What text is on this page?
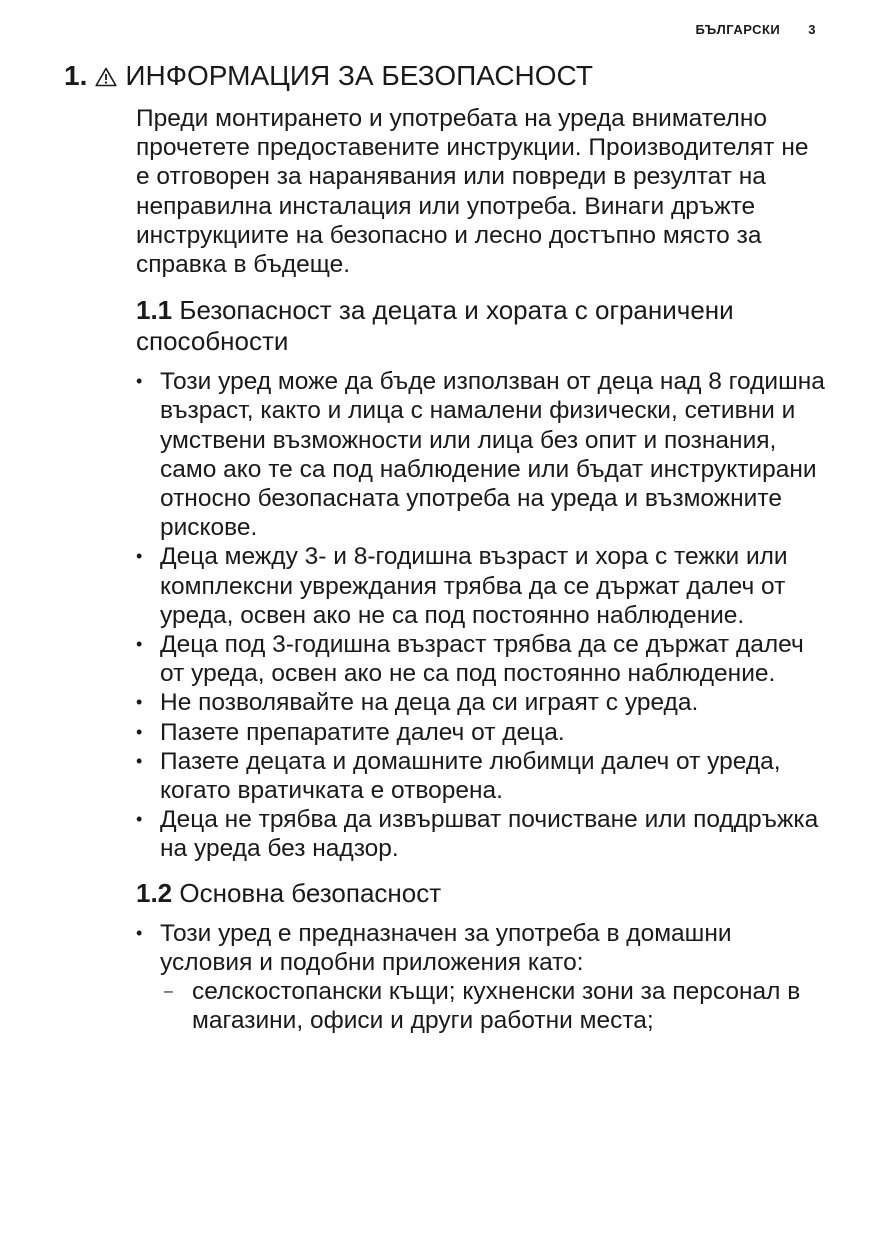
БЪЛГАРСКИ 3
1. ИНФОРМАЦИЯ ЗА БЕЗОПАСНОСТ

Преди монтирането и употребата на уреда внимателно прочетете предоставените инструкции. Производителят не е отговорен за наранявания или повреди в резултат на неправилна инсталация или употреба. Винаги дръжте инструкциите на безопасно и лесно достъпно място за справка в бъдеще.

1.1 Безопасност за децата и хората с ограничени способности
• Този уред може да бъде използван от деца над 8 годишна възраст, както и лица с намалени физически, сетивни и умствени възможности или лица без опит и познания, само ако те са под наблюдение или бъдат инструктирани относно безопасната употреба на уреда и възможните рискове.
• Деца между 3- и 8-годишна възраст и хора с тежки или комплексни увреждания трябва да се държат далеч от уреда, освен ако не са под постоянно наблюдение.
• Деца под 3-годишна възраст трябва да се държат далеч от уреда, освен ако не са под постоянно наблюдение.
• Не позволявайте на деца да си играят с уреда.
• Пазете препаратите далеч от деца.
• Пазете децата и домашните любимци далеч от уреда, когато вратичката е отворена.
• Деца не трябва да извършват почистване или поддръжка на уреда без надзор.
1.2 Основна безопасност
• Този уред е предназначен за употреба в домашни условия и подобни приложения като:
– селскостопански къщи; кухненски зони за персонал в магазини, офиси и други работни места;
